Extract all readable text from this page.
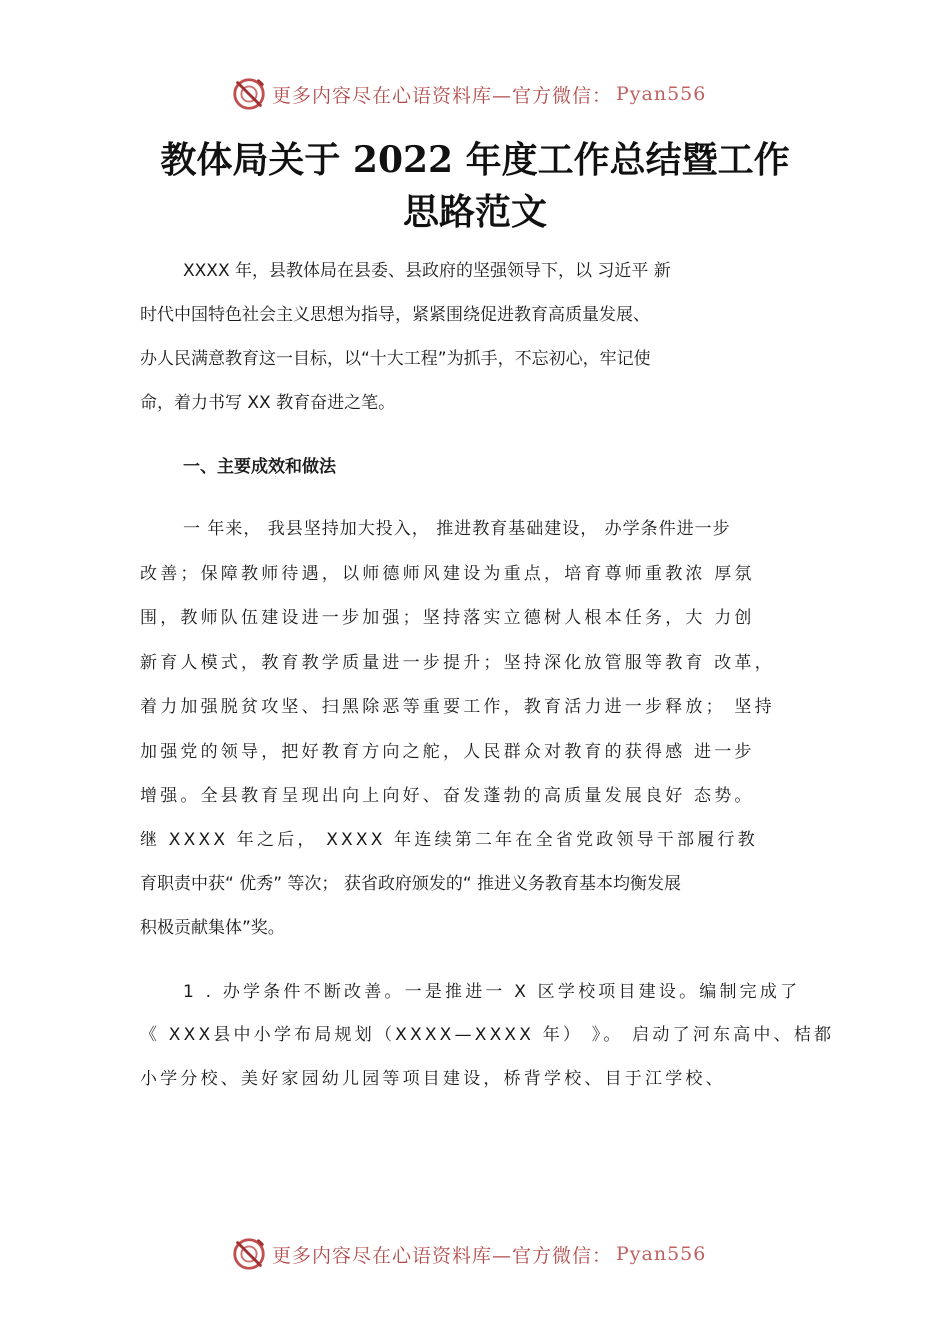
更多内容尽在心语资料库—官方微信： Pyan556
教体局关于 2022 年度工作总结暨工作
思路范文
XXXX 年，县教体局在县委、县政府的坚强领导下，以 习近平 新
时代中国特色社会主义思想为指导，紧紧围绕促进教育高质量发展、
办人民满意教育这一目标，以“十大工程”为抓手，不忘初心，牢记使
命，着力书写 XX 教育奋进之笔。
一、主要成效和做法
一 年来， 我县坚持加大投入， 推进教育基础建设， 办学条件进一步
改善；保障教师待遇，以师德师风建设为重点，培育尊师重教浓 厚氛
围，教师队伍建设进一步加强；坚持落实立德树人根本任务，大 力创
新育人模式，教育教学质量进一步提升；坚持深化放管服等教育 改革，
着力加强脱贫攻坚、扫黑除恶等重要工作，教育活力进一步释放； 坚持
加强党的领导，把好教育方向之舵，人民群众对教育的获得感 进一步
增强。全县教育呈现出向上向好、奋发蓬勃的高质量发展良好 态势。
继 XXXX 年之后， XXXX 年连续第二年在全省党政领导干部履行教
育职责中获“ 优秀” 等次； 获省政府颁发的“ 推进义务教育基本均衡发展
积极贡献集体”奖。
1 . 办学条件不断改善。一是推进一 X 区学校项目建设。编制完成了
《 XXX县中小学布局规划（XXXX—XXXX 年） 》。 启动了河东高中、桔都
小学分校、美好家园幼儿园等项目建设，桥背学校、目于江学校、
更多内容尽在心语资料库—官方微信： Pyan556
